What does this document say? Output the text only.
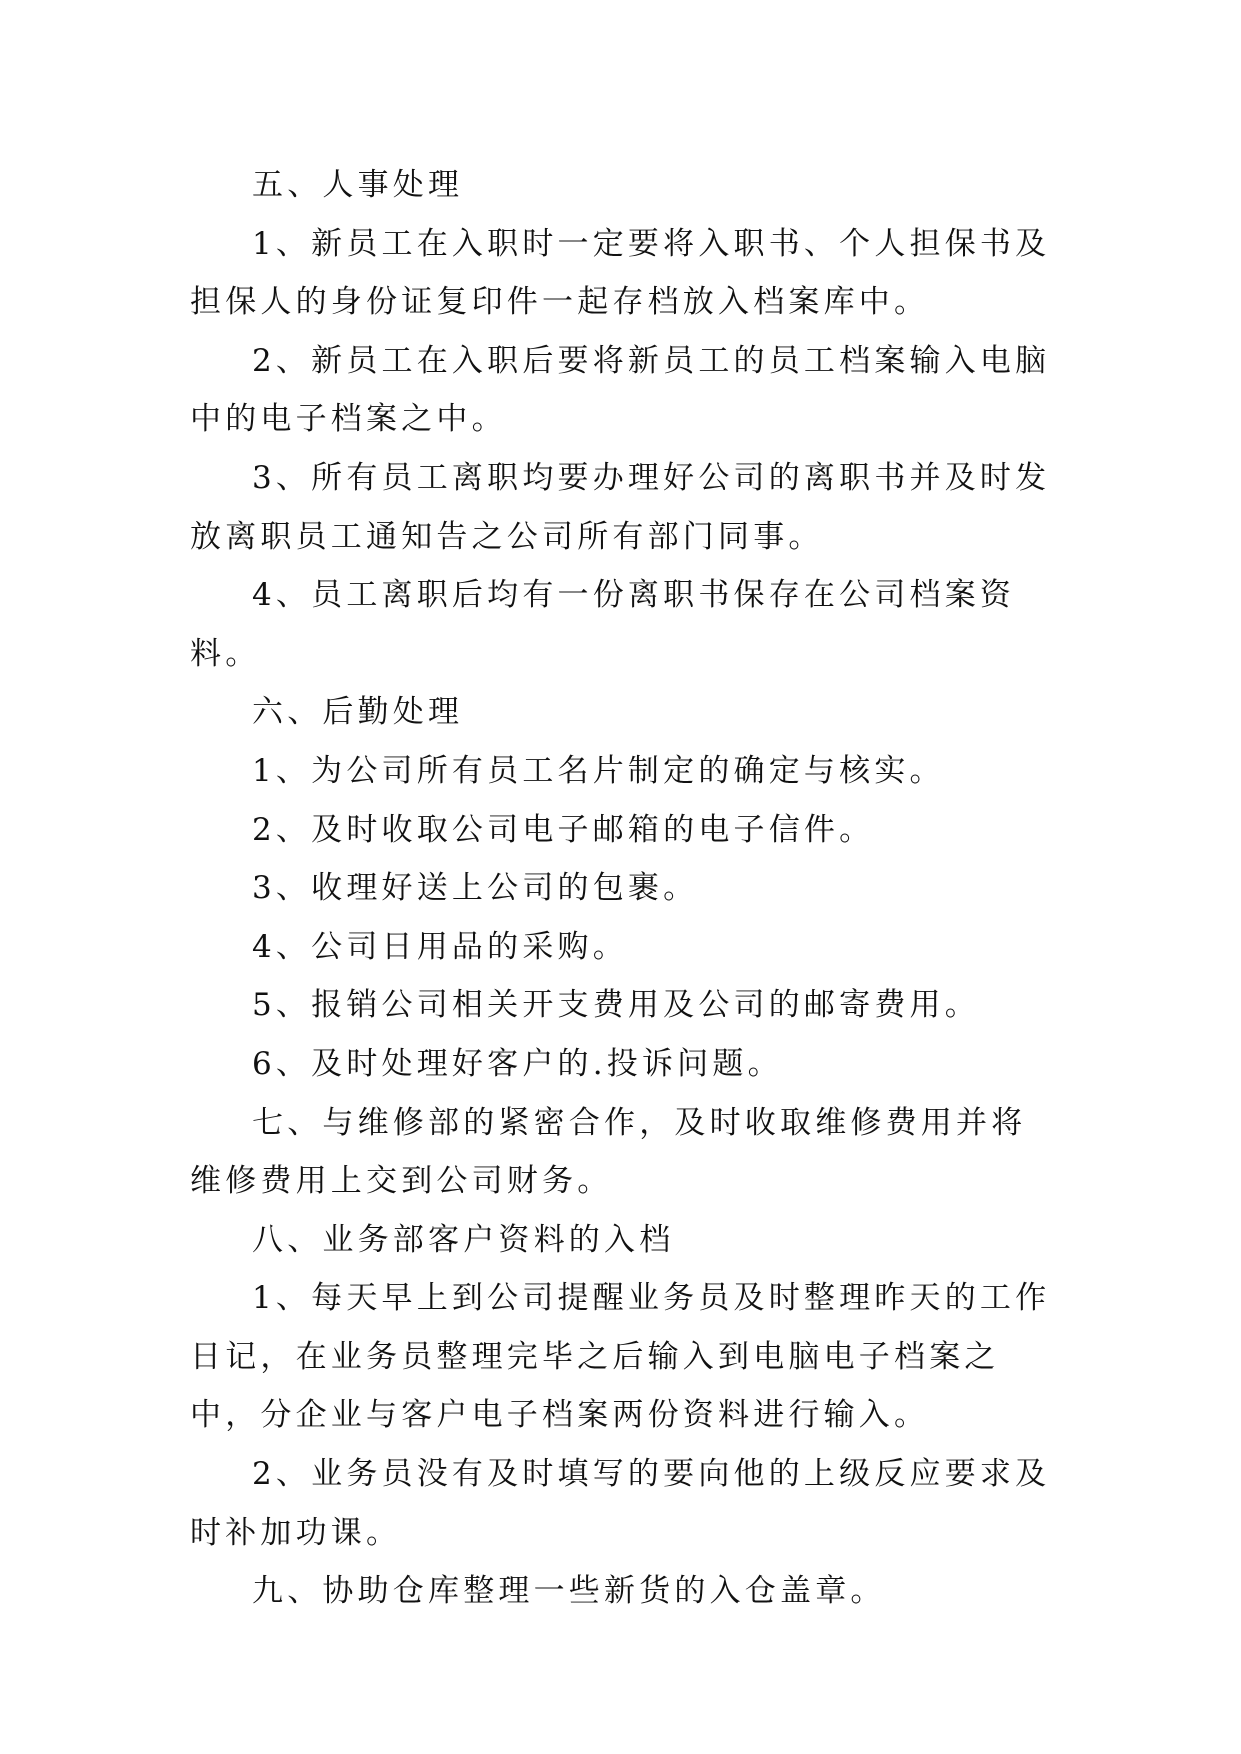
五、人事处理

1、新员工在入职时一定要将入职书、个人担保书及担保人的身份证复印件一起存档放入档案库中。

2、新员工在入职后要将新员工的员工档案输入电脑中的电子档案之中。

3、所有员工离职均要办理好公司的离职书并及时发放离职员工通知告之公司所有部门同事。

4、员工离职后均有一份离职书保存在公司档案资料。

六、后勤处理

1、为公司所有员工名片制定的确定与核实。

2、及时收取公司电子邮箱的电子信件。

3、收理好送上公司的包裹。

4、公司日用品的采购。

5、报销公司相关开支费用及公司的邮寄费用。

6、及时处理好客户的.投诉问题。

七、与维修部的紧密合作，及时收取维修费用并将维修费用上交到公司财务。

八、业务部客户资料的入档

1、每天早上到公司提醒业务员及时整理昨天的工作日记，在业务员整理完毕之后输入到电脑电子档案之中，分企业与客户电子档案两份资料进行输入。

2、业务员没有及时填写的要向他的上级反应要求及时补加功课。

九、协助仓库整理一些新货的入仓盖章。
